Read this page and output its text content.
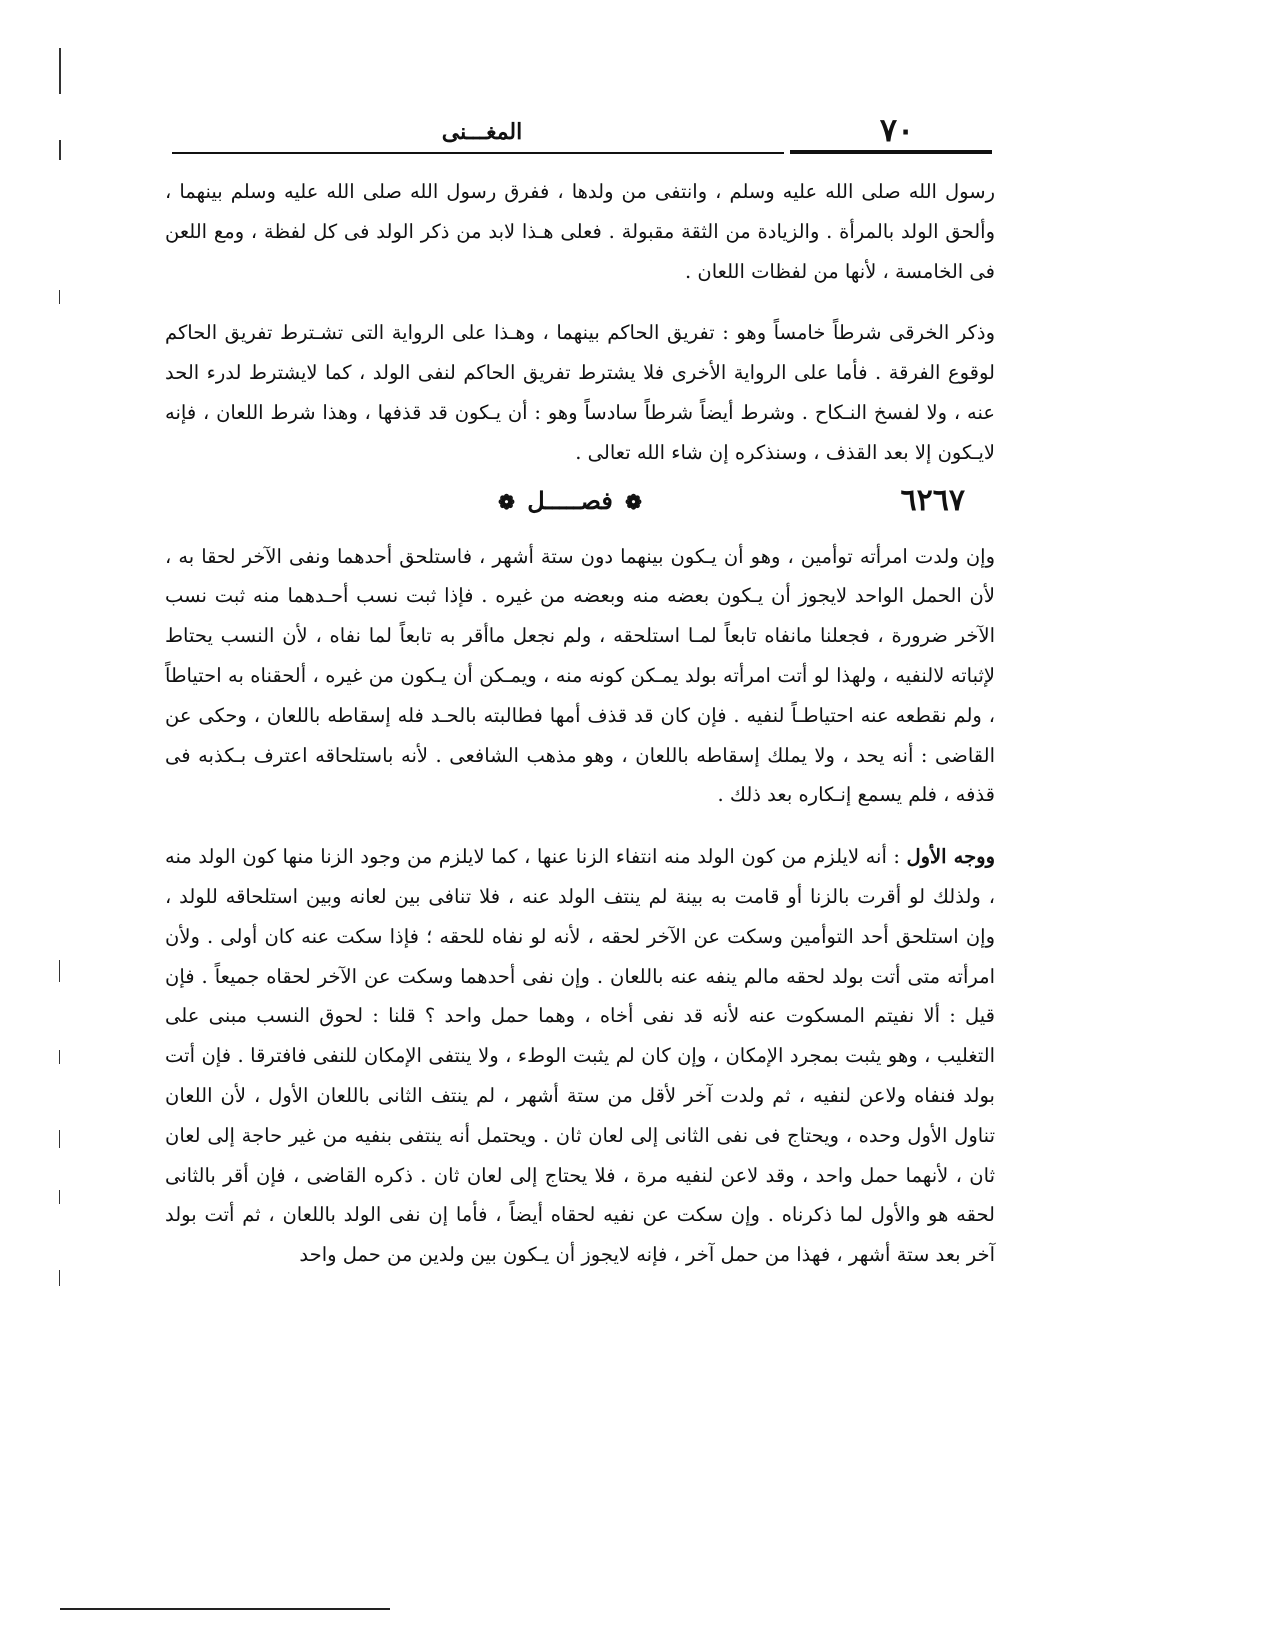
٧٠
المغـــنى

رسول الله صلى الله عليه وسلم ، وانتفى من ولدها ، ففرق رسول الله صلى الله عليه وسلم بينهما ، وألحق الولد بالمرأة . والزيادة من الثقة مقبولة . فعلى هـذا لابد من ذكر الولد فى كل لفظة ، ومع اللعن فى الخامسة ، لأنها من لفظات اللعان .

وذكر الخرقى شرطاً خامساً وهو : تفريق الحاكم بينهما ، وهـذا على الرواية التى تشـترط تفريق الحاكم لوقوع الفرقة . فأما على الرواية الأخرى فلا يشترط تفريق الحاكم لنفى الولد ، كما لايشترط لدرء الحد عنه ، ولا لفسخ النـكاح . وشرط أيضاً شرطاً سادساً وهو : أن يـكون قد قذفها ، وهذا شرط اللعان ، فإنه لايـكون إلا بعد القذف ، وسنذكره إن شاء الله تعالى .

٦٢٦٧
❁ فصـــــل ❁

وإن ولدت امرأته توأمين ، وهو أن يـكون بينهما دون ستة أشهر ، فاستلحق أحدهما ونفى الآخر لحقا به ، لأن الحمل الواحد لايجوز أن يـكون بعضه منه وبعضه من غيره . فإذا ثبت نسب أحـدهما منه ثبت نسب الآخر ضرورة ، فجعلنا مانفاه تابعاً لمـا استلحقه ، ولم نجعل ماأقر به تابعاً لما نفاه ، لأن النسب يحتاط لإثباته لالنفيه ، ولهذا لو أتت امرأته بولد يمـكن كونه منه ، ويمـكن أن يـكون من غيره ، ألحقناه به احتياطاً ، ولم نقطعه عنه احتياطـاً لنفيه . فإن كان قد قذف أمها فطالبته بالحـد فله إسقاطه باللعان ، وحكى عن القاضى : أنه يحد ، ولا يملك إسقاطه باللعان ، وهو مذهب الشافعى . لأنه باستلحاقه اعترف بـكذبه فى قذفه ، فلم يسمع إنـكاره بعد ذلك .

ووجه الأول : أنه لايلزم من كون الولد منه انتفاء الزنا عنها ، كما لايلزم من وجود الزنا منها كون الولد منه ، ولذلك لو أقرت بالزنا أو قامت به بينة لم ينتف الولد عنه ، فلا تنافى بين لعانه وبين استلحاقه للولد ، وإن استلحق أحد التوأمين وسكت عن الآخر لحقه ، لأنه لو نفاه للحقه ؛ فإذا سكت عنه كان أولى . ولأن امرأته متى أتت بولد لحقه مالم ينفه عنه باللعان . وإن نفى أحدهما وسكت عن الآخر لحقاه جميعاً . فإن قيل : ألا نفيتم المسكوت عنه لأنه قد نفى أخاه ، وهما حمل واحد ؟ قلنا : لحوق النسب مبنى على التغليب ، وهو يثبت بمجرد الإمكان ، وإن كان لم يثبت الوطء ، ولا ينتفى الإمكان للنفى فافترقا . فإن أتت بولد فنفاه ولاعن لنفيه ، ثم ولدت آخر لأقل من ستة أشهر ، لم ينتف الثانى باللعان الأول ، لأن اللعان تناول الأول وحده ، ويحتاج فى نفى الثانى إلى لعان ثان . ويحتمل أنه ينتفى بنفيه من غير حاجة إلى لعان ثان ، لأنهما حمل واحد ، وقد لاعن لنفيه مرة ، فلا يحتاج إلى لعان ثان . ذكره القاضى ، فإن أقر بالثانى لحقه هو والأول لما ذكرناه . وإن سكت عن نفيه لحقاه أيضاً ، فأما إن نفى الولد باللعان ، ثم أتت بولد آخر بعد ستة أشهر ، فهذا من حمل آخر ، فإنه لايجوز أن يـكون بين ولدين من حمل واحد
